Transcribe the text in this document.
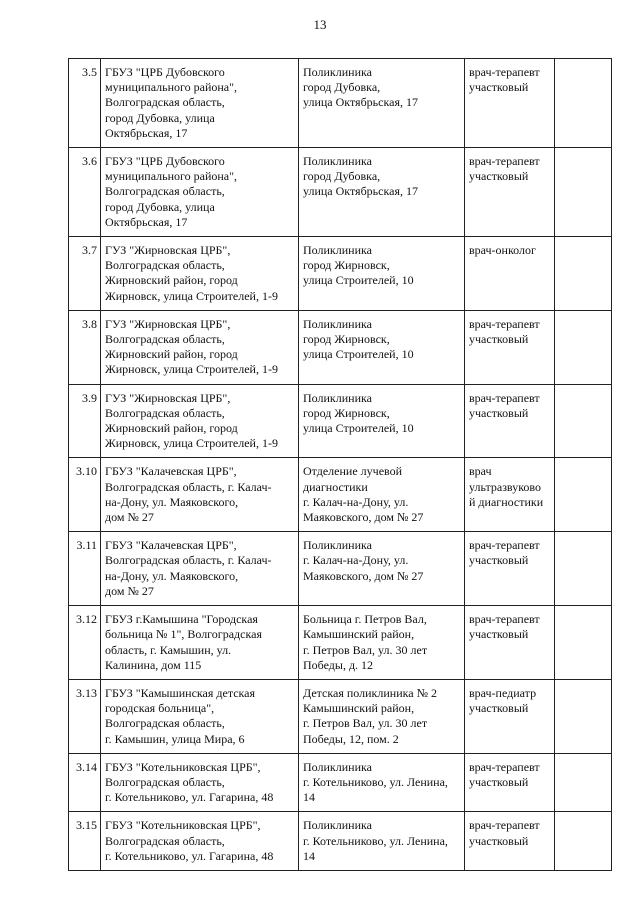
13
3.5	ГБУЗ "ЦРБ Дубовского
муниципального района",
Волгоградская область,
город Дубовка, улица
Октябрьская, 17	Поликлиника
город Дубовка,
улица Октябрьская, 17	врач-терапевт
участковый	
3.6	ГБУЗ "ЦРБ Дубовского
муниципального района",
Волгоградская область,
город Дубовка, улица
Октябрьская, 17	Поликлиника
город Дубовка,
улица Октябрьская, 17	врач-терапевт
участковый	
3.7	ГУЗ "Жирновская ЦРБ",
Волгоградская область,
Жирновский район, город
Жирновск, улица Строителей, 1-9	Поликлиника
город Жирновск,
улица Строителей, 10	врач-онколог	
3.8	ГУЗ "Жирновская ЦРБ",
Волгоградская область,
Жирновский район, город
Жирновск, улица Строителей, 1-9	Поликлиника
город Жирновск,
улица Строителей, 10	врач-терапевт
участковый	
3.9	ГУЗ "Жирновская ЦРБ",
Волгоградская область,
Жирновский район, город
Жирновск, улица Строителей, 1-9	Поликлиника
город Жирновск,
улица Строителей, 10	врач-терапевт
участковый	
3.10	ГБУЗ "Калачевская ЦРБ",
Волгоградская область, г. Калач-
на-Дону, ул. Маяковского,
дом № 27	Отделение лучевой
диагностики
г. Калач-на-Дону, ул.
Маяковского, дом № 27	врач
ультразвуково
й диагностики	
3.11	ГБУЗ "Калачевская ЦРБ",
Волгоградская область, г. Калач-
на-Дону, ул. Маяковского,
дом № 27	Поликлиника
г. Калач-на-Дону, ул.
Маяковского, дом № 27	врач-терапевт
участковый	
3.12	ГБУЗ г.Камышина "Городская
больница № 1", Волгоградская
область, г. Камышин, ул.
Калинина, дом 115	Больница г. Петров Вал,
Камышинский район,
г. Петров Вал, ул. 30 лет
Победы, д. 12	врач-терапевт
участковый	
3.13	ГБУЗ "Камышинская детская
городская больница",
Волгоградская область,
г. Камышин, улица Мира, 6	Детская поликлиника № 2
Камышинский район,
г. Петров Вал, ул. 30 лет
Победы, 12, пом. 2	врач-педиатр
участковый	
3.14	ГБУЗ "Котельниковская ЦРБ",
Волгоградская область,
г. Котельниково, ул. Гагарина, 48	Поликлиника
г. Котельниково, ул. Ленина,
14	врач-терапевт
участковый	
3.15	ГБУЗ "Котельниковская ЦРБ",
Волгоградская область,
г. Котельниково, ул. Гагарина, 48	Поликлиника
г. Котельниково, ул. Ленина,
14	врач-терапевт
участковый	
